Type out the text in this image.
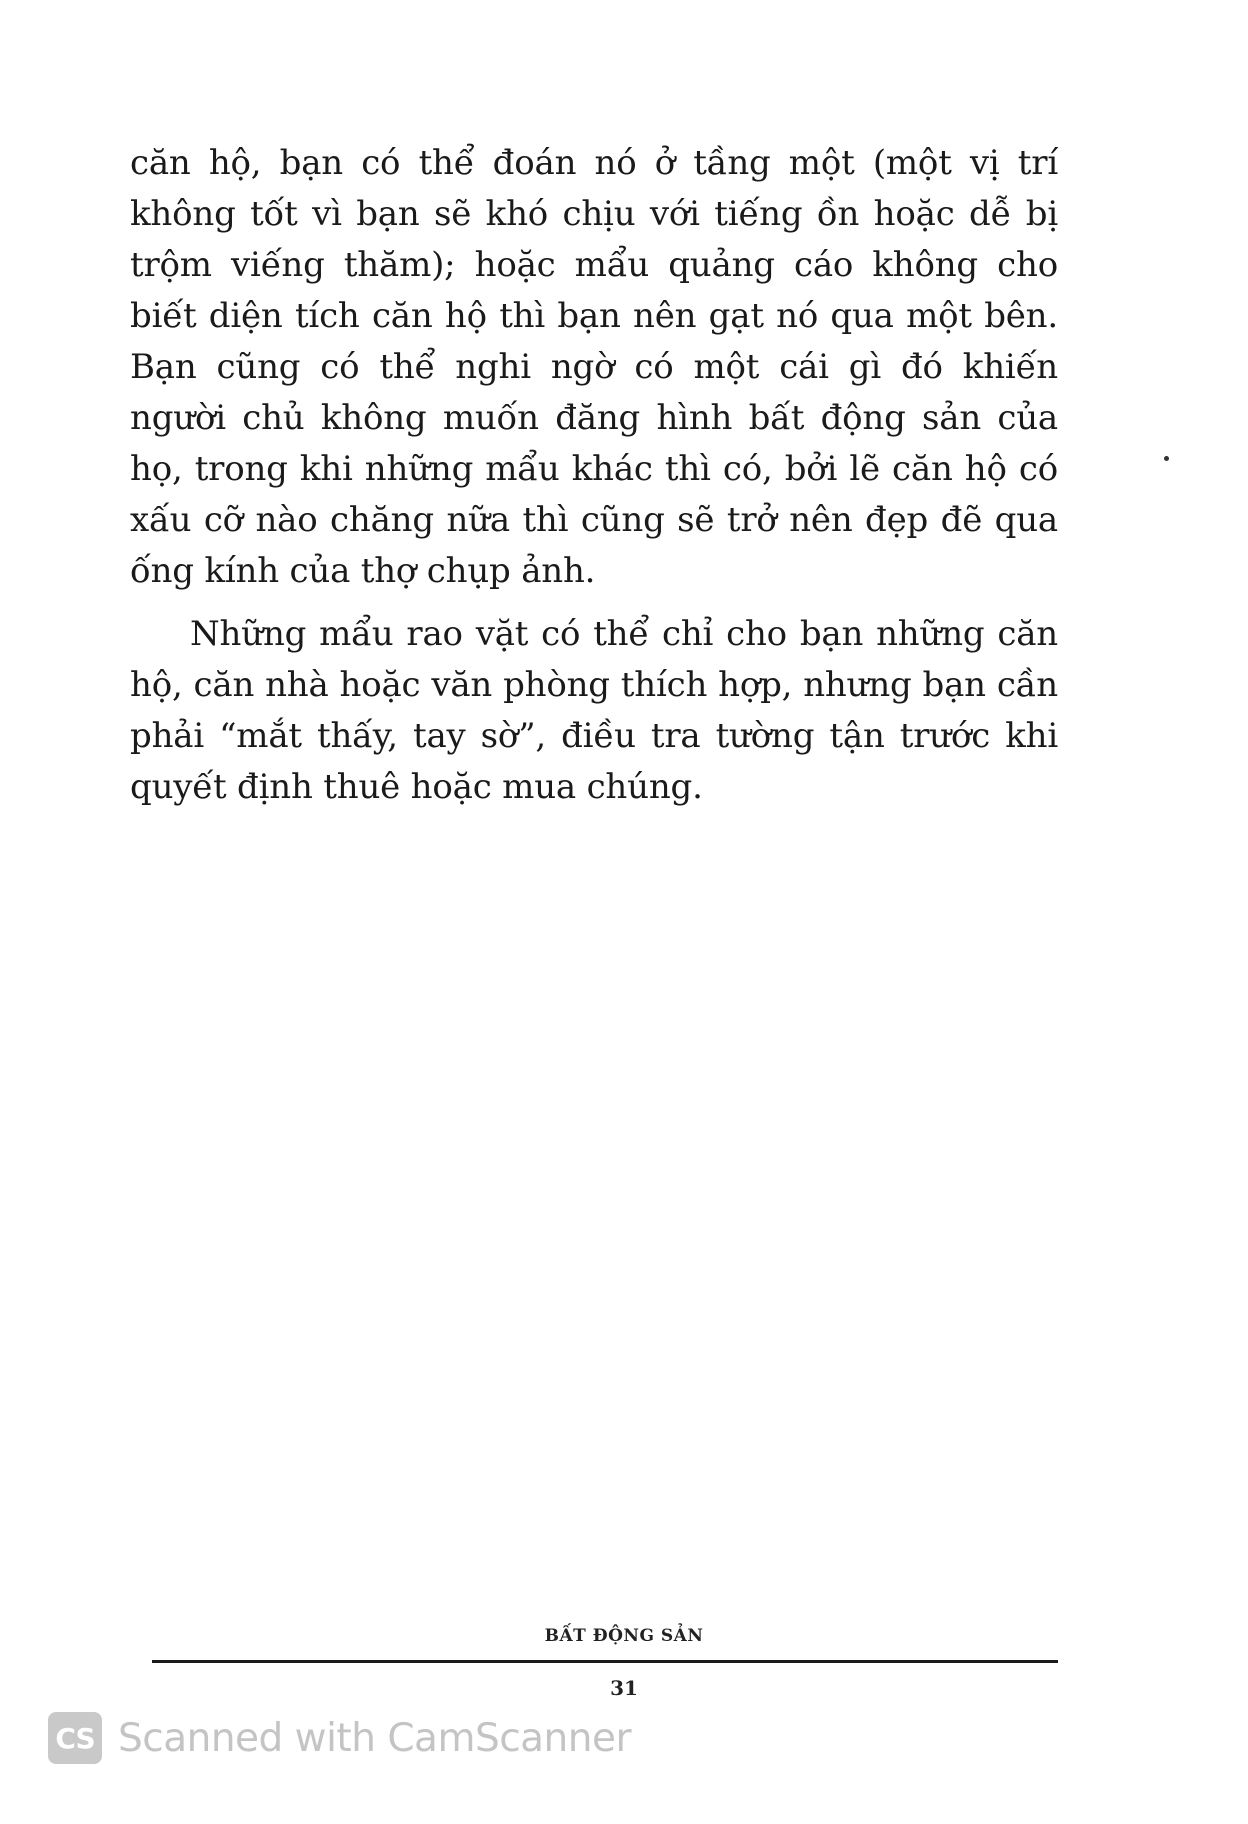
căn hộ, bạn có thể đoán nó ở tầng một (một vị trí không tốt vì bạn sẽ khó chịu với tiếng ồn hoặc dễ bị trộm viếng thăm); hoặc mẩu quảng cáo không cho biết diện tích căn hộ thì bạn nên gạt nó qua một bên. Bạn cũng có thể nghi ngờ có một cái gì đó khiến người chủ không muốn đăng hình bất động sản của họ, trong khi những mẩu khác thì có, bởi lẽ căn hộ có xấu cỡ nào chăng nữa thì cũng sẽ trở nên đẹp đẽ qua ống kính của thợ chụp ảnh.

Những mẩu rao vặt có thể chỉ cho bạn những căn hộ, căn nhà hoặc văn phòng thích hợp, nhưng bạn cần phải “mắt thấy, tay sờ”, điều tra tường tận trước khi quyết định thuê hoặc mua chúng.

BẤT ĐỘNG SẢN
31
CS Scanned with CamScanner
